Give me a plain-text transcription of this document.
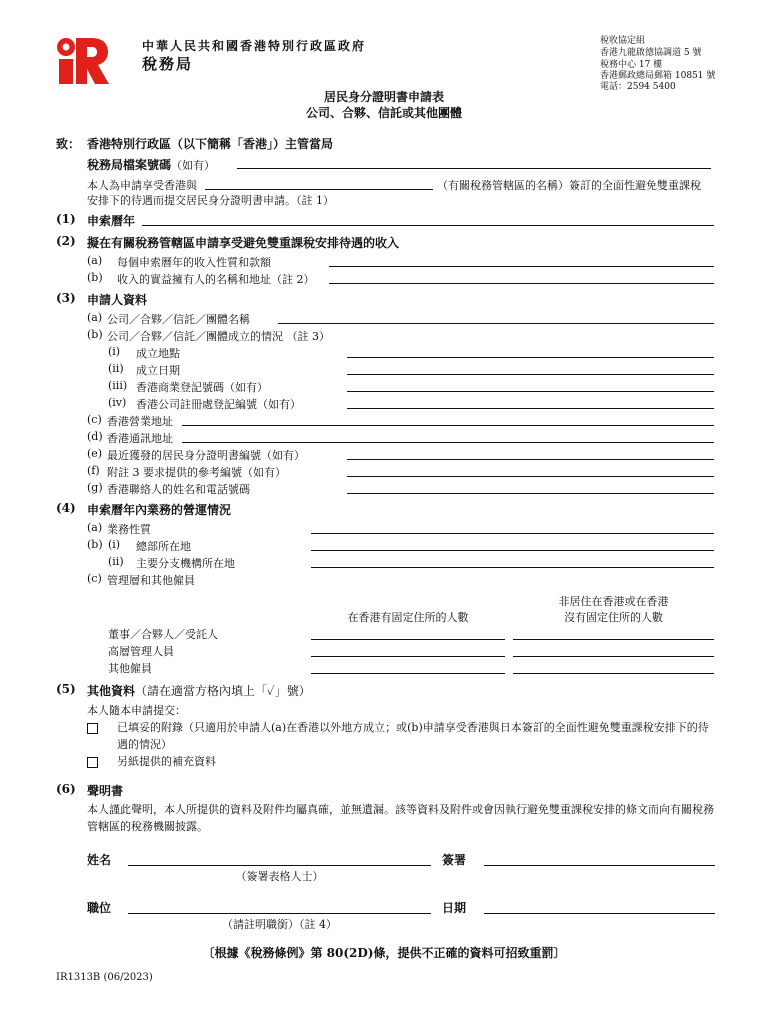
中華人民共和國香港特別行政區政府
稅務局
稅收協定組
香港九龍啟德協調道 5 號
稅務中心 17 樓
香港郵政總局郵箱 10851 號
電話：2594 5400
居民身分證明書申請表
公司、合夥、信託或其他團體
致： 香港特別行政區（以下簡稱「香港」）主管當局
稅務局檔案號碼（如有）
本人為申請享受香港與	（有關稅務管轄區的名稱）簽訂的全面性避免雙重課稅
安排下的待遇而提交居民身分證明書申請。（註 1）
(1) 申索曆年
(2) 擬在有關稅務管轄區申請享受避免雙重課稅安排待遇的收入
(a) 每個申索曆年的收入性質和款額
(b) 收入的實益擁有人的名稱和地址（註 2）
(3) 申請人資料
(a) 公司／合夥／信託／團體名稱
(b) 公司／合夥／信託／團體成立的情況 （註 3）
(i) 成立地點
(ii) 成立日期
(iii) 香港商業登記號碼（如有）
(iv) 香港公司註冊處登記編號（如有）
(c) 香港營業地址
(d) 香港通訊地址
(e) 最近獲發的居民身分證明書編號（如有）
(f) 附註 3 要求提供的參考編號（如有）
(g) 香港聯絡人的姓名和電話號碼
(4) 申索曆年內業務的營運情況
(a) 業務性質
(b) (i) 總部所在地
(ii) 主要分支機構所在地
(c) 管理層和其他僱員
非居住在香港或在香港
在香港有固定住所的人數	沒有固定住所的人數
董事／合夥人／受託人
高層管理人員
其他僱員
(5) 其他資料（請在適當方格內填上「✓」號）
本人隨本申請提交：
已填妥的附錄（只適用於申請人(a)在香港以外地方成立；或(b)申請享受香港與日本簽訂的全面性避免雙重課稅安排下的待遇的情況）
另紙提供的補充資料
(6) 聲明書
本人謹此聲明，本人所提供的資料及附件均屬真確，並無遺漏。該等資料及附件或會因執行避免雙重課稅安排的條文而向有關稅務管轄區的稅務機關披露。
姓名
（簽署表格人士）
簽署
職位
（請註明職銜）（註 4）
日期
〔根據《稅務條例》第 80(2D)條，提供不正確的資料可招致重罰〕
IR1313B (06/2023)
